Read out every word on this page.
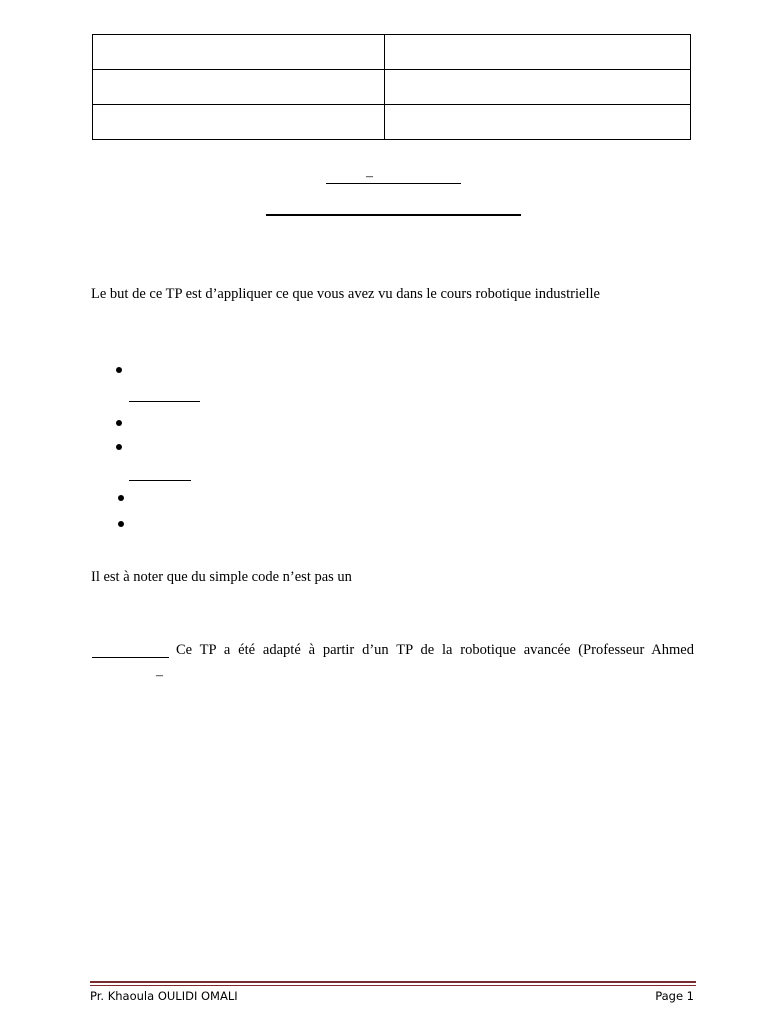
–
Le but de ce TP est d’appliquer ce que vous avez vu dans le cours robotique industrielle
Il est à noter que du simple code n’est pas un
Ce TP a été adapté à partir d’un TP de la robotique avancée (Professeur Ahmed
–
Pr. Khaoula OULIDI OMALI	Page 1
